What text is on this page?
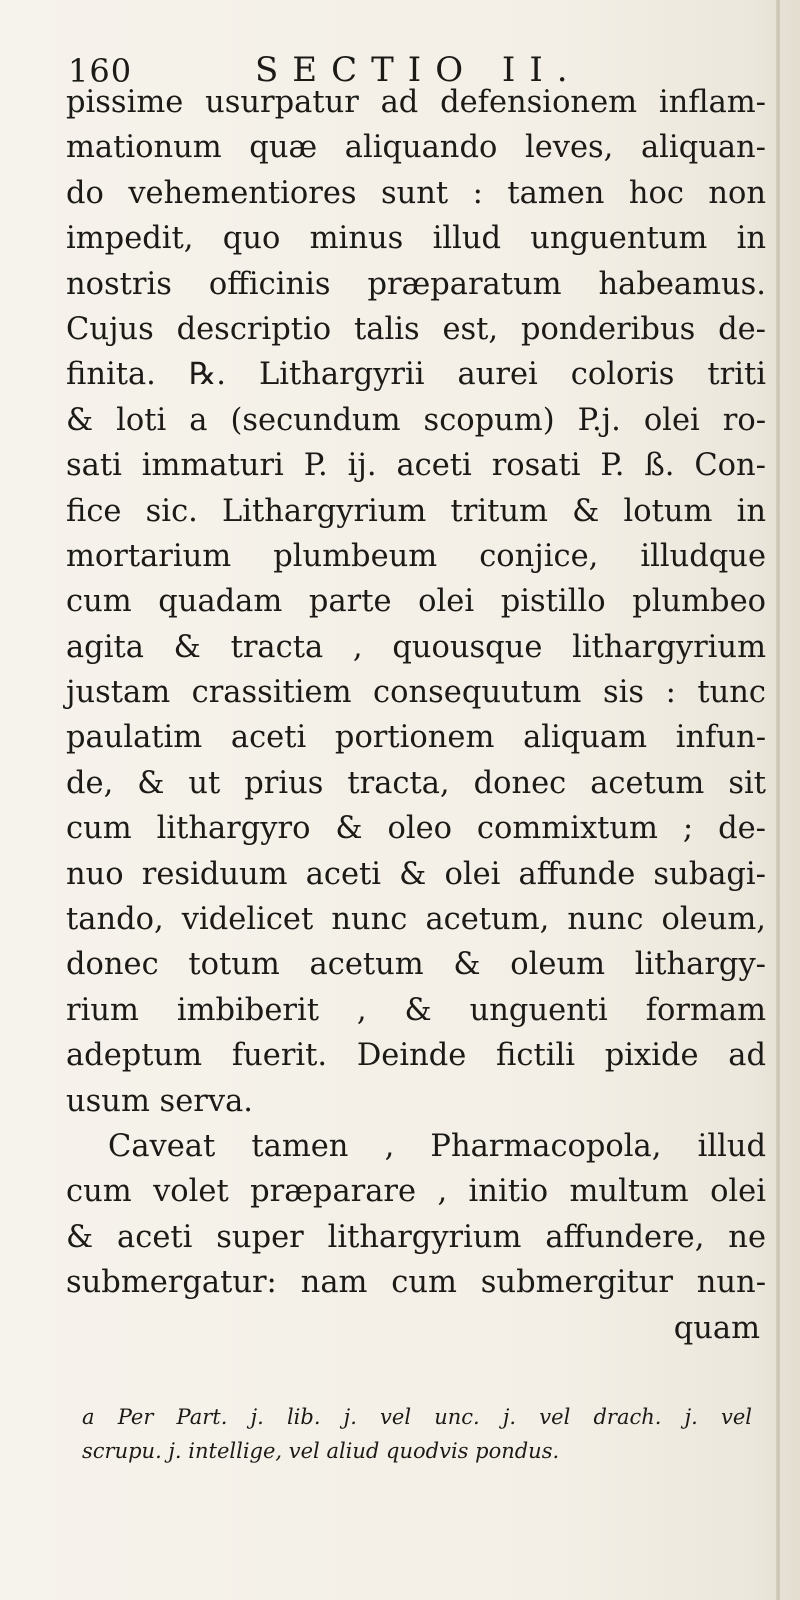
160	SECTIO II.
pissime usurpatur ad defensionem inflam-
mationum quæ aliquando leves, aliquan-
do vehementiores sunt : tamen hoc non
impedit, quo minus illud unguentum in
nostris officinis præparatum habeamus.
Cujus descriptio talis est, ponderibus de-
finita. ℞. Lithargyrii aurei coloris triti
& loti a (secundum scopum) P.j. olei ro-
sati immaturi P. ij. aceti rosati P. ß. Con-
fice sic. Lithargyrium tritum & lotum in
mortarium plumbeum conjice, illudque
cum quadam parte olei pistillo plumbeo
agita & tracta , quousque lithargyrium
justam crassitiem consequutum sis : tunc
paulatim aceti portionem aliquam infun-
de, & ut prius tracta, donec acetum sit
cum lithargyro & oleo commixtum ; de-
nuo residuum aceti & olei affunde subagi-
tando, videlicet nunc acetum, nunc oleum,
donec totum acetum & oleum lithargy-
rium imbiberit , & unguenti formam
adeptum fuerit. Deinde fictili pixide ad
usum serva.
Caveat tamen , Pharmacopola, illud
cum volet præparare , initio multum olei
& aceti super lithargyrium affundere, ne
submergatur: nam cum submergitur nun-
quam
a Per Part. j. lib. j. vel unc. j. vel drach. j. vel
scrupu. j. intellige, vel aliud quodvis pondus.
